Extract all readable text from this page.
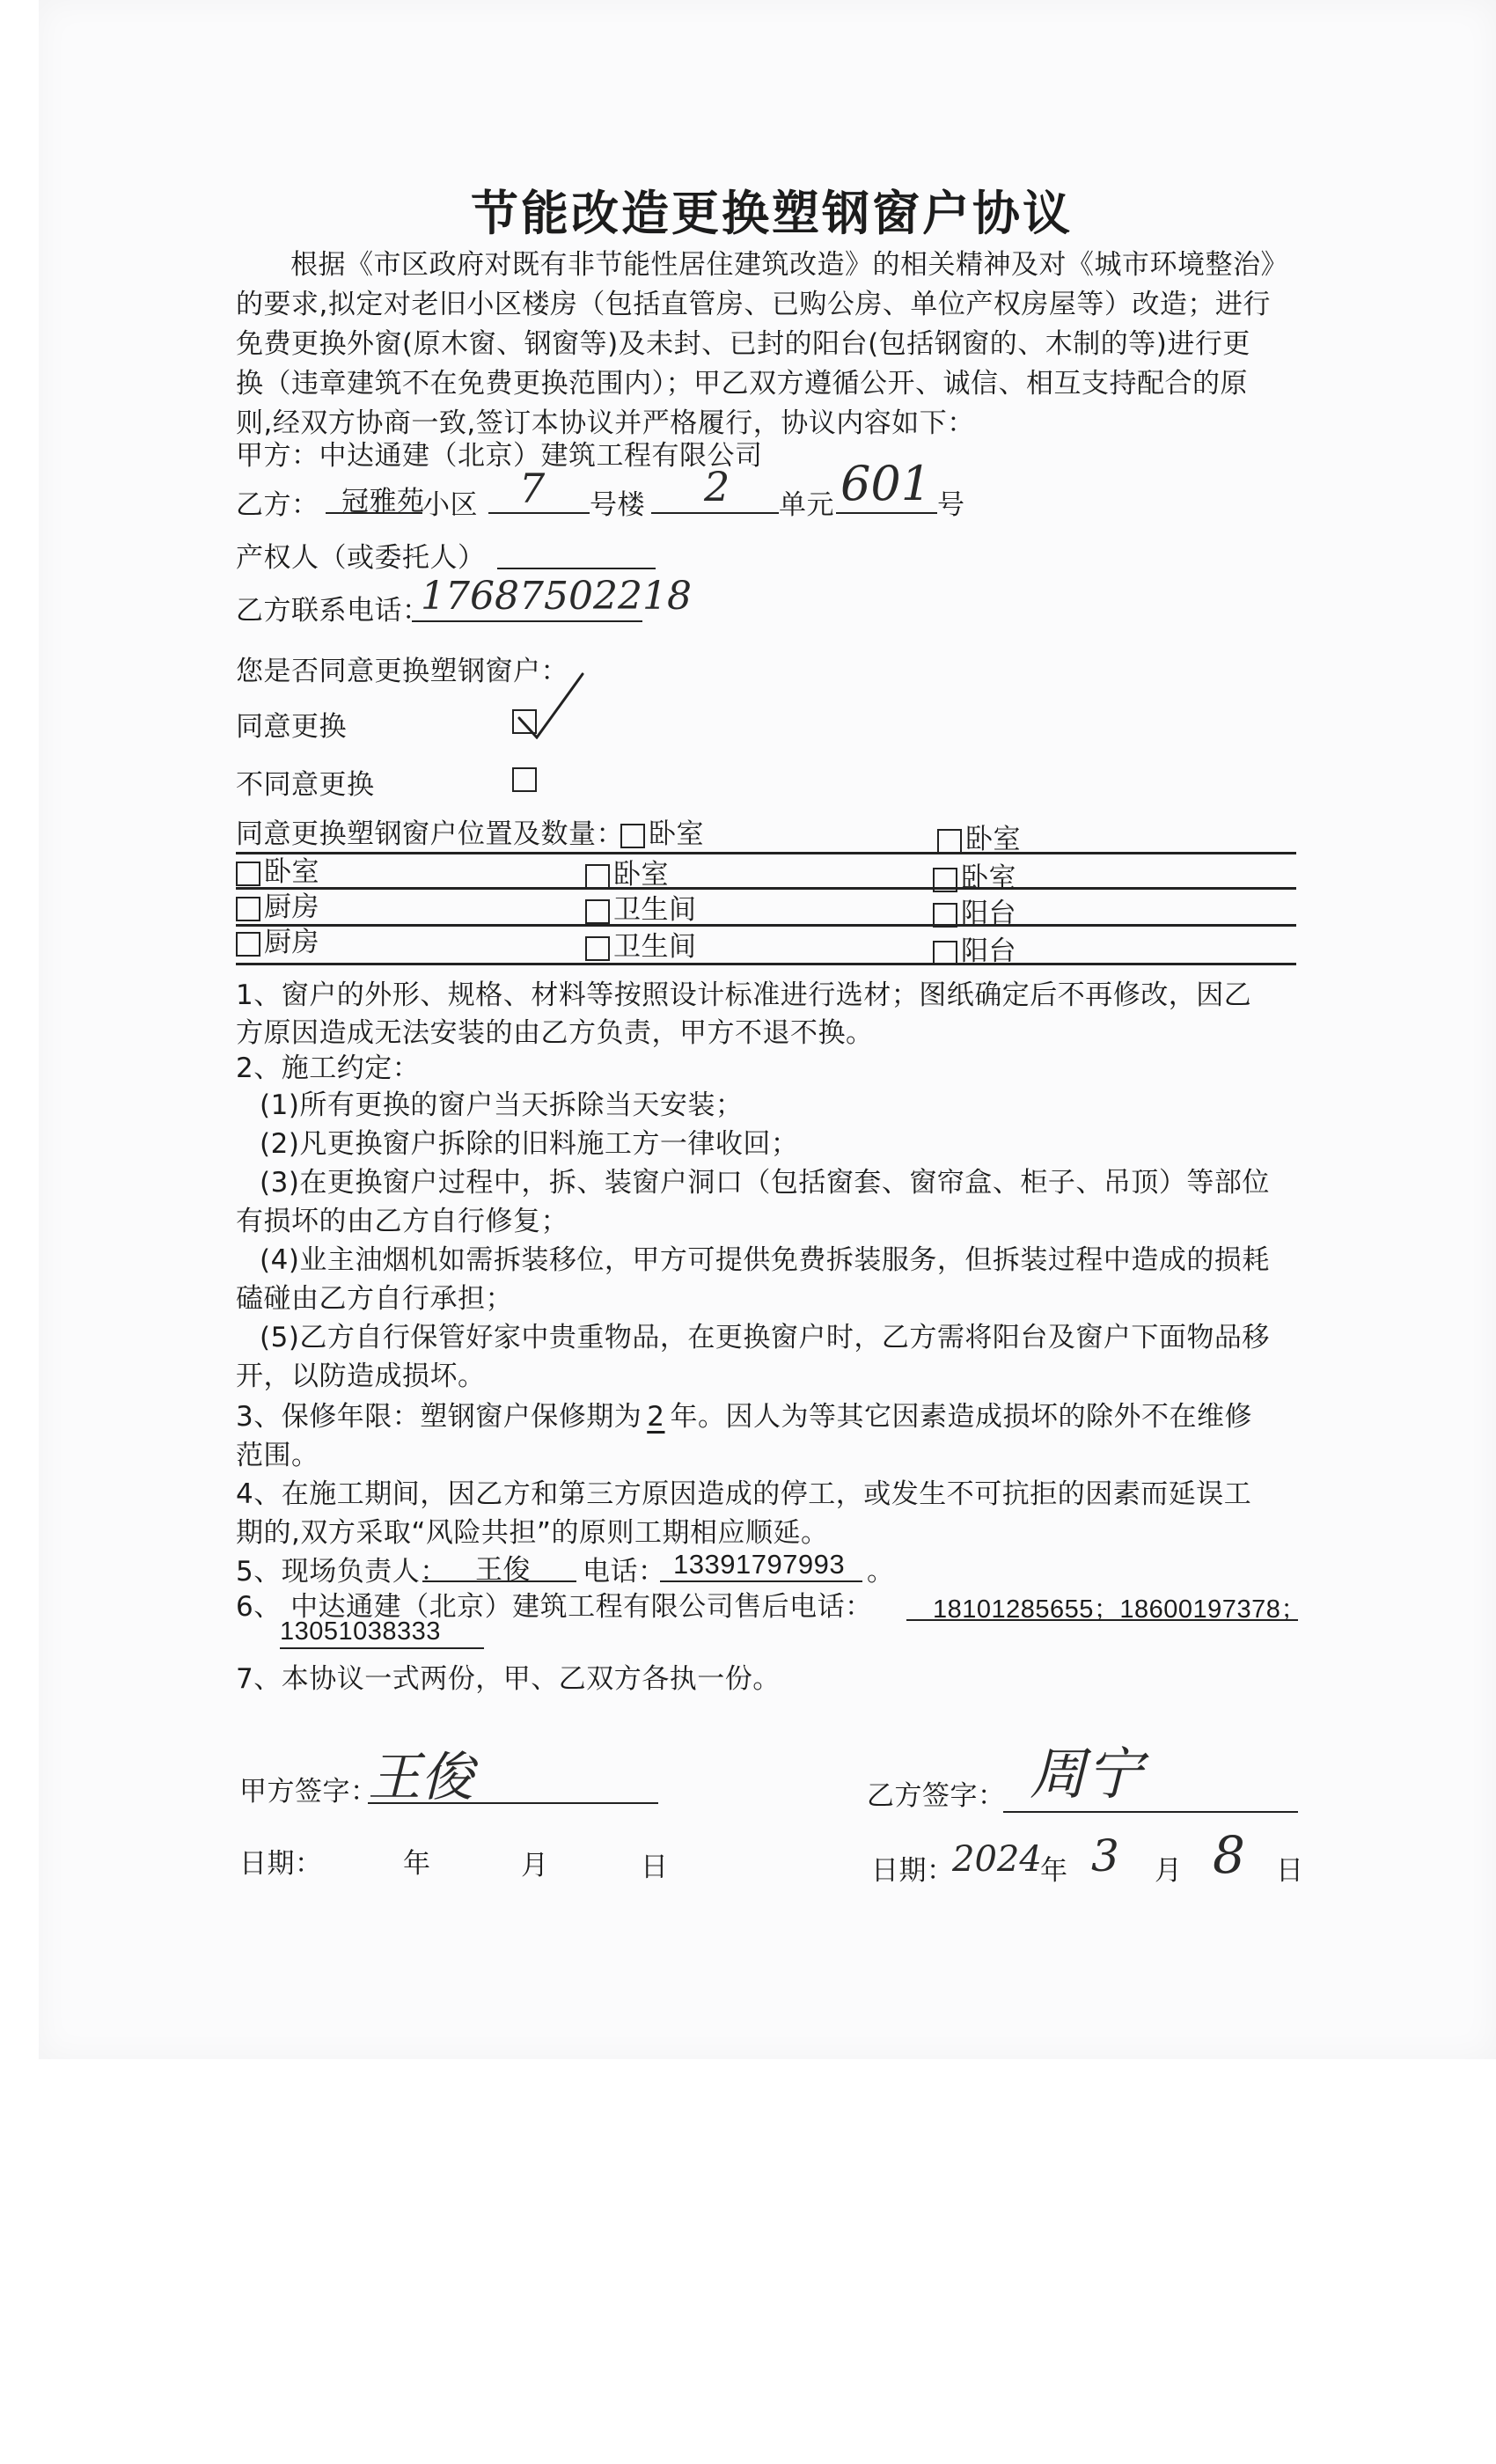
节能改造更换塑钢窗户协议
根据《市区政府对既有非节能性居住建筑改造》的相关精神及对《城市环境整治》
的要求,拟定对老旧小区楼房（包括直管房、已购公房、单位产权房屋等）改造；进行
免费更换外窗(原木窗、钢窗等)及未封、已封的阳台(包括钢窗的、木制的等)进行更
换（违章建筑不在免费更换范围内）；甲乙双方遵循公开、诚信、相互支持配合的原
则,经双方协商一致,签订本协议并严格履行，协议内容如下：
甲方：中达通建（北京）建筑工程有限公司
乙方： 冠雅苑
小区 7 号楼 2 单元 601 号
产权人（或委托人）
乙方联系电话：
17687502218
您是否同意更换塑钢窗户：
同意更换
不同意更换
同意更换塑钢窗户位置及数量： 卧室	卧室
卧室	卧室	卧室
厨房	卫生间	阳台
厨房	卫生间	阳台
1、窗户的外形、规格、材料等按照设计标准进行选材；图纸确定后不再修改，因乙
方原因造成无法安装的由乙方负责，甲方不退不换。
2、施工约定：
(1)所有更换的窗户当天拆除当天安装；
(2)凡更换窗户拆除的旧料施工方一律收回；
(3)在更换窗户过程中，拆、装窗户洞口（包括窗套、窗帘盒、柜子、吊顶）等部位
有损坏的由乙方自行修复；
(4)业主油烟机如需拆装移位，甲方可提供免费拆装服务，但拆装过程中造成的损耗
磕碰由乙方自行承担；
(5)乙方自行保管好家中贵重物品，在更换窗户时，乙方需将阳台及窗户下面物品移
开，以防造成损坏。
3、保修年限：塑钢窗户保修期为 2 年。因人为等其它因素造成损坏的除外不在维修
范围。
4、在施工期间，因乙方和第三方原因造成的停工，或发生不可抗拒的因素而延误工
期的,双方采取“风险共担”的原则工期相应顺延。
5、现场负责人： 王俊 电话： 13391797993 。
6、 中达通建（北京）建筑工程有限公司售后电话： 18101285655；18600197378；
13051038333
7、本协议一式两份，甲、乙双方各执一份。
甲方签字：
王俊	乙方签字： 周宁
日期：	年	月	日	日期：
2024
年 3 月 8 日
